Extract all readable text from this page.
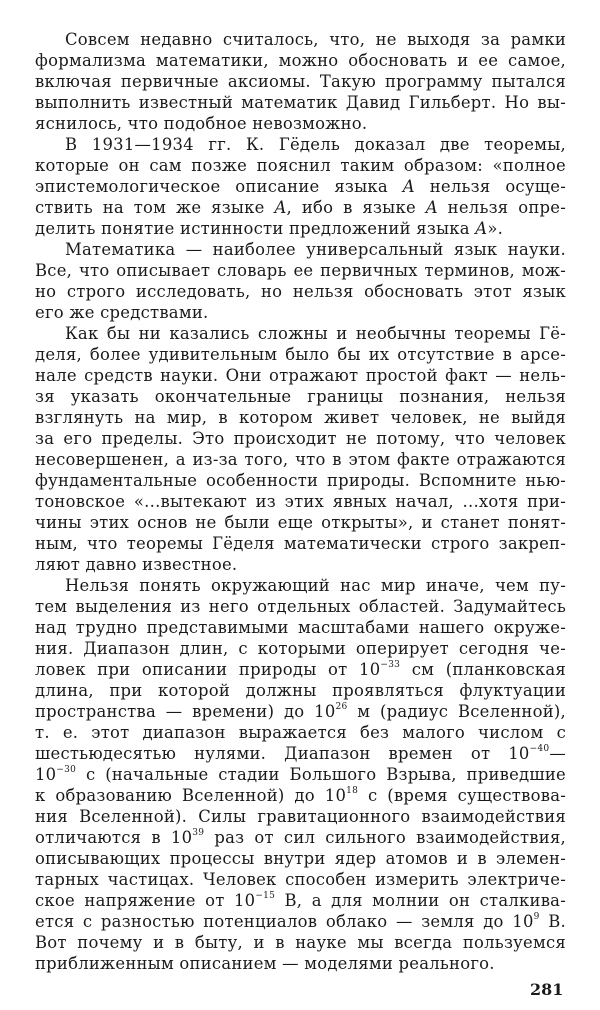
Совсем недавно считалось, что, не выходя за рамки
формализма математики, можно обосновать и ее самое,
включая первичные аксиомы. Такую программу пытался
выполнить известный математик Давид Гильберт. Но вы-
яснилось, что подобное невозможно.
В 1931—1934 гг. К. Гёдель доказал две теоремы,
которые он сам позже пояснил таким образом: «полное
эпистемологическое описание языка A нельзя осуще-
ствить на том же языке A, ибо в языке A нельзя опре-
делить понятие истинности предложений языка A».
Математика — наиболее универсальный язык науки.
Все, что описывает словарь ее первичных терминов, мож-
но строго исследовать, но нельзя обосновать этот язык
его же средствами.
Как бы ни казались сложны и необычны теоремы Гё-
деля, более удивительным было бы их отсутствие в арсе-
нале средств науки. Они отражают простой факт — нель-
зя указать окончательные границы познания, нельзя
взглянуть на мир, в котором живет человек, не выйдя
за его пределы. Это происходит не потому, что человек
несовершенен, а из-за того, что в этом факте отражаются
фундаментальные особенности природы. Вспомните нью-
тоновское «...вытекают из этих явных начал, ...хотя при-
чины этих основ не были еще открыты», и станет понят-
ным, что теоремы Гёделя математически строго закреп-
ляют давно известное.
Нельзя понять окружающий нас мир иначе, чем пу-
тем выделения из него отдельных областей. Задумайтесь
над трудно представимыми масштабами нашего окруже-
ния. Диапазон длин, с которыми оперирует сегодня че-
ловек при описании природы от $10^{-33}$ см (планковская
длина, при которой должны проявляться флуктуации
пространства — времени) до $10^{26}$ м (радиус Вселенной),
т. е. этот диапазон выражается без малого числом с
шестьюдесятью нулями. Диапазон времен от $10^{-40}—$
$10^{-30}$ с (начальные стадии Большого Взрыва, приведшие
к образованию Вселенной) до $10^{18}$ с (время существова-
ния Вселенной). Силы гравитационного взаимодействия
отличаются в $10^{39}$ раз от сил сильного взаимодействия,
описывающих процессы внутри ядер атомов и в элемен-
тарных частицах. Человек способен измерить электриче-
ское напряжение от $10^{-15}$ В, а для молнии он сталкива-
ется с разностью потенциалов облако — земля до $10^9$ В.
Вот почему и в быту, и в науке мы всегда пользуемся
приближенным описанием — моделями реального.
281
